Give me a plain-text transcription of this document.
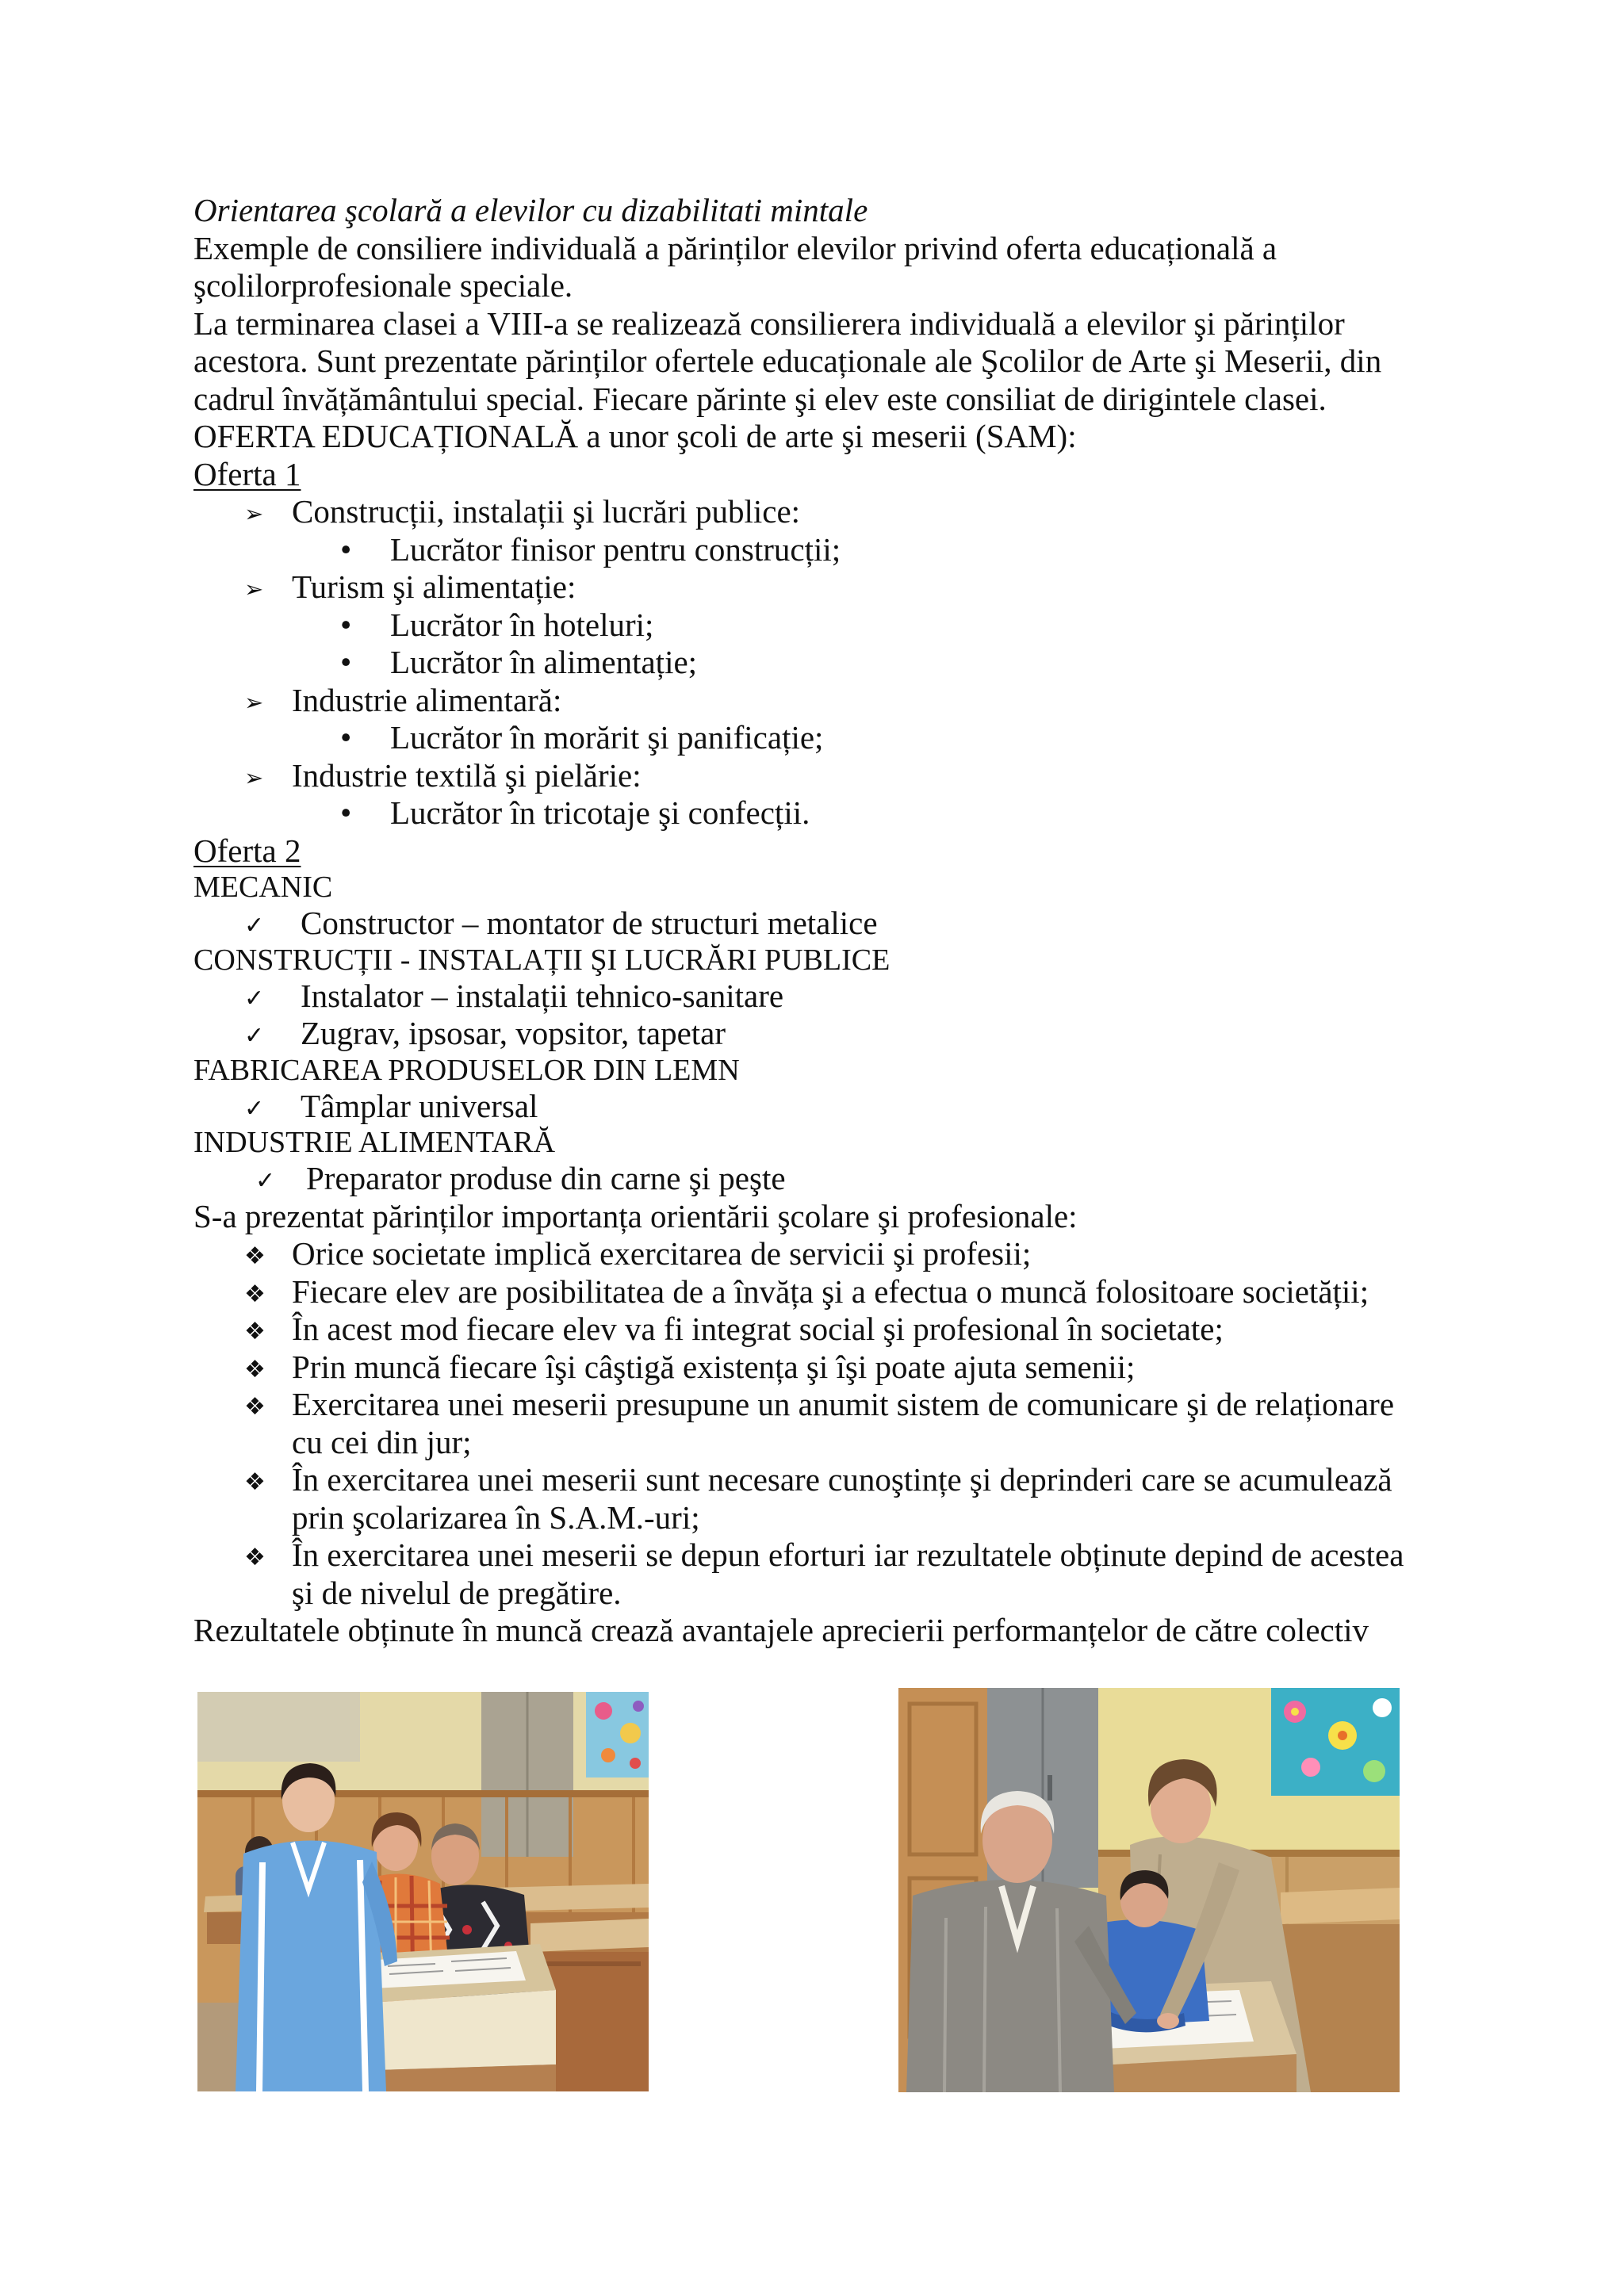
Orientarea şcolară a elevilor cu dizabilitati mintale
Exemple de consiliere individuală a părinților elevilor privind oferta educațională a
şcolilorprofesionale speciale.
La terminarea clasei a VIII-a se realizează consilierera individuală a elevilor şi părinților
acestora. Sunt prezentate părinților ofertele educaționale ale Şcolilor de Arte şi Meserii, din
cadrul învățământului special. Fiecare părinte şi elev este consiliat de dirigintele clasei.
OFERTA EDUCAȚIONALĂ a unor şcoli de arte şi meserii (SAM):
Oferta 1
➢ Construcții, instalații şi lucrări publice:
• Lucrător finisor pentru construcții;
➢ Turism şi alimentație:
• Lucrător în hoteluri;
• Lucrător în alimentație;
➢ Industrie alimentară:
• Lucrător în morărit şi panificație;
➢ Industrie textilă şi pielărie:
• Lucrător în tricotaje şi confecții.
Oferta 2
MECANIC
✓ Constructor – montator de structuri metalice
CONSTRUCȚII - INSTALAȚII ŞI LUCRĂRI PUBLICE
✓ Instalator – instalații tehnico-sanitare
✓ Zugrav, ipsosar, vopsitor, tapetar
FABRICAREA PRODUSELOR DIN LEMN
✓ Tâmplar universal
INDUSTRIE ALIMENTARĂ
✓ Preparator produse din carne şi peşte
S-a prezentat părinților importanța orientării şcolare şi profesionale:
❖ Orice societate implică exercitarea de servicii şi profesii;
❖ Fiecare elev are posibilitatea de a învăța şi a efectua o muncă folositoare societății;
❖ În acest mod fiecare elev va fi integrat social şi profesional în societate;
❖ Prin muncă fiecare îşi câştigă existența şi îşi poate ajuta semenii;
❖ Exercitarea unei meserii presupune un anumit sistem de comunicare şi de relaționare
cu cei din jur;
❖ În exercitarea unei meserii sunt necesare cunoştințe şi deprinderi care se acumulează
prin şcolarizarea în S.A.M.-uri;
❖ În exercitarea unei meserii se depun eforturi iar rezultatele obținute depind de acestea
şi de nivelul de pregătire.
Rezultatele obținute în muncă crează avantajele aprecierii performanțelor de către colectiv
